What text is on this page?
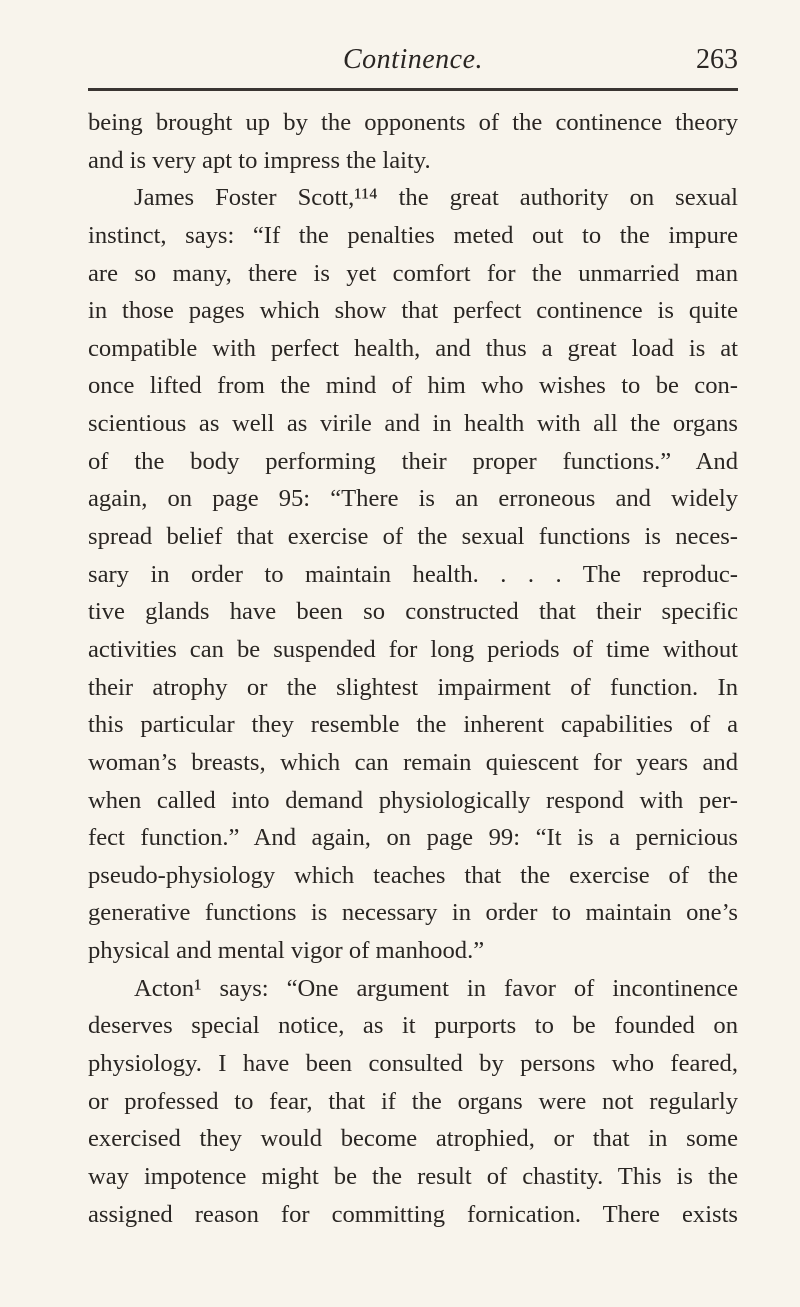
Continence.	263
being brought up by the opponents of the continence theory
and is very apt to impress the laity.
James Foster Scott,¹¹⁴ the great authority on sexual
instinct, says: “If the penalties meted out to the impure
are so many, there is yet comfort for the unmarried man
in those pages which show that perfect continence is quite
compatible with perfect health, and thus a great load is at
once lifted from the mind of him who wishes to be con-
scientious as well as virile and in health with all the organs
of the body performing their proper functions.” And
again, on page 95: “There is an erroneous and widely
spread belief that exercise of the sexual functions is neces-
sary in order to maintain health. . . . The reproduc-
tive glands have been so constructed that their specific
activities can be suspended for long periods of time without
their atrophy or the slightest impairment of function. In
this particular they resemble the inherent capabilities of a
woman’s breasts, which can remain quiescent for years and
when called into demand physiologically respond with per-
fect function.” And again, on page 99: “It is a pernicious
pseudo-physiology which teaches that the exercise of the
generative functions is necessary in order to maintain one’s
physical and mental vigor of manhood.”
Acton¹ says: “One argument in favor of incontinence
deserves special notice, as it purports to be founded on
physiology. I have been consulted by persons who feared,
or professed to fear, that if the organs were not regularly
exercised they would become atrophied, or that in some
way impotence might be the result of chastity. This is the
assigned reason for committing fornication. There exists
